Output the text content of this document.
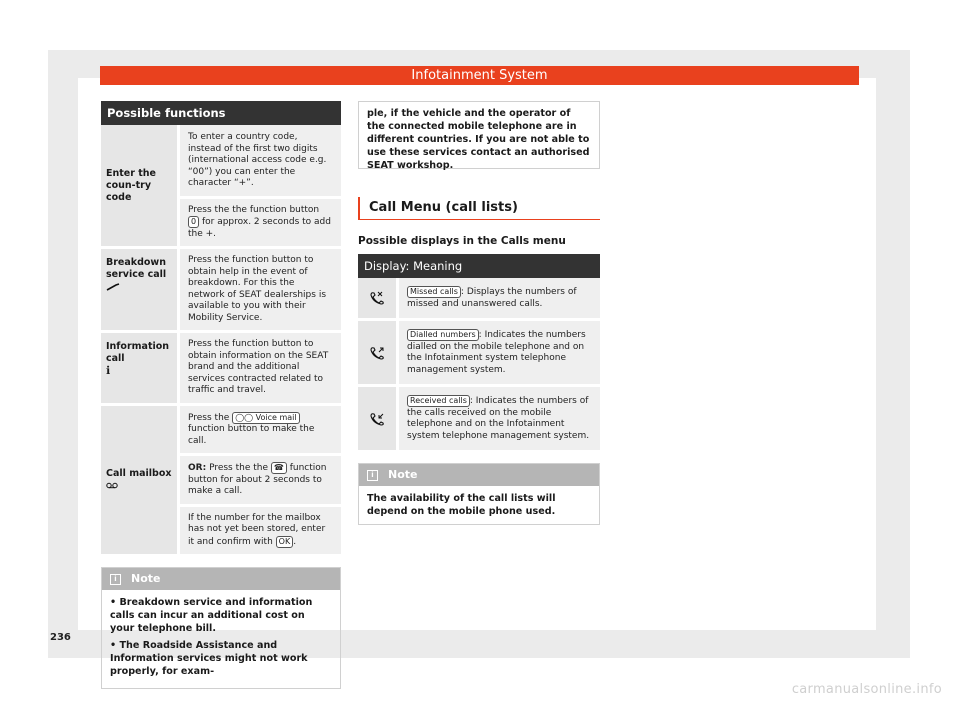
Infotainment System
Possible functions
Enter the coun-try code
To enter a country code, instead of the first two digits (international access code e.g. “00”) you can enter the character “+”.
Press the the function button 0 for approx. 2 seconds to add the +.
Breakdown service call
Press the function button to obtain help in the event of breakdown. For this the network of SEAT dealerships is available to you with their Mobility Service.
Information call
ℹ
Press the function button to obtain information on the SEAT brand and the additional services contracted related to traffic and travel.
Call mailbox
Press the ◯◯ Voice mail function button to make the call.
OR: Press the the ☎ function button for about 2 seconds to make a call.
If the number for the mailbox has not yet been stored, enter it and confirm with OK .
i	Note

• Breakdown service and information calls can incur an additional cost on your telephone bill.

• The Roadside Assistance and Information services might not work properly, for exam-

ple, if the vehicle and the operator of the connected mobile telephone are in different countries. If you are not able to use these services contact an authorised SEAT workshop.
Call Menu (call lists)
Possible displays in the Calls menu
Display: Meaning
Missed calls : Displays the numbers of missed and unanswered calls.
Dialled numbers : Indicates the numbers dialled on the mobile telephone and on the Infotainment system telephone management system.
Received calls : Indicates the numbers of the calls received on the mobile telephone and on the Infotainment system telephone management system.
i	Note
The availability of the call lists will depend on the mobile phone used.
236
carmanualsonline.info
